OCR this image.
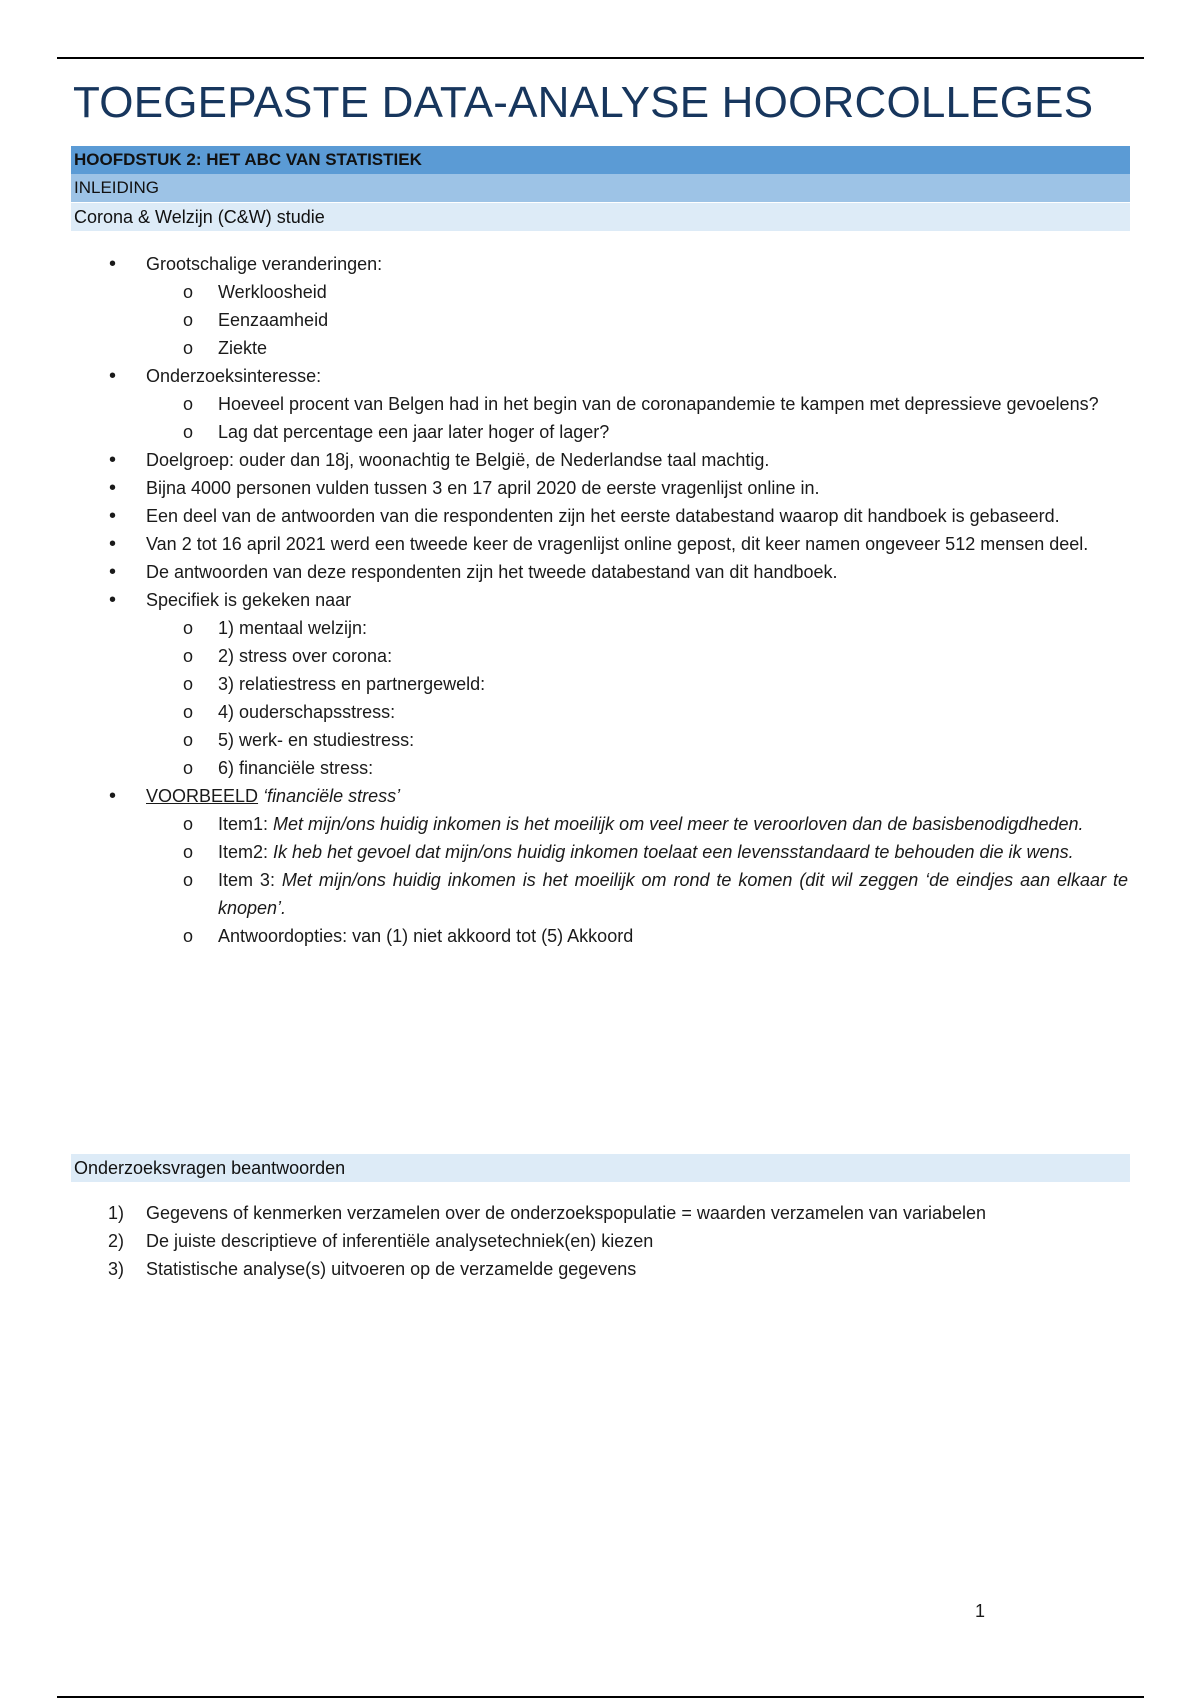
TOEGEPASTE DATA-ANALYSE HOORCOLLEGES
HOOFDSTUK 2: HET ABC VAN STATISTIEK
INLEIDING
Corona & Welzijn (C&W) studie
• Grootschalige veranderingen:
o Werkloosheid
o Eenzaamheid
o Ziekte
• Onderzoeksinteresse:
o Hoeveel procent van Belgen had in het begin van de coronapandemie te kampen met depressieve gevoelens?
o Lag dat percentage een jaar later hoger of lager?
• Doelgroep: ouder dan 18j, woonachtig te België, de Nederlandse taal machtig.
• Bijna 4000 personen vulden tussen 3 en 17 april 2020 de eerste vragenlijst online in.
• Een deel van de antwoorden van die respondenten zijn het eerste databestand waarop dit handboek is gebaseerd.
• Van 2 tot 16 april 2021 werd een tweede keer de vragenlijst online gepost, dit keer namen ongeveer 512 mensen deel.
• De antwoorden van deze respondenten zijn het tweede databestand van dit handboek.
• Specifiek is gekeken naar
o 1) mentaal welzijn:
o 2) stress over corona:
o 3) relatiestress en partnergeweld:
o 4) ouderschapsstress:
o 5) werk- en studiestress:
o 6) financiële stress:
• VOORBEELD ‘financiële stress’
o Item1: Met mijn/ons huidig inkomen is het moeilijk om veel meer te veroorloven dan de basisbenodigdheden.
o Item2: Ik heb het gevoel dat mijn/ons huidig inkomen toelaat een levensstandaard te behouden die ik wens.
o Item 3: Met mijn/ons huidig inkomen is het moeilijk om rond te komen (dit wil zeggen ‘de eindjes aan elkaar te knopen’.
o Antwoordopties: van (1) niet akkoord tot (5) Akkoord
Onderzoeksvragen beantwoorden
1) Gegevens of kenmerken verzamelen over de onderzoekspopulatie = waarden verzamelen van variabelen
2) De juiste descriptieve of inferentiële analysetechniek(en) kiezen
3) Statistische analyse(s) uitvoeren op de verzamelde gegevens
1
